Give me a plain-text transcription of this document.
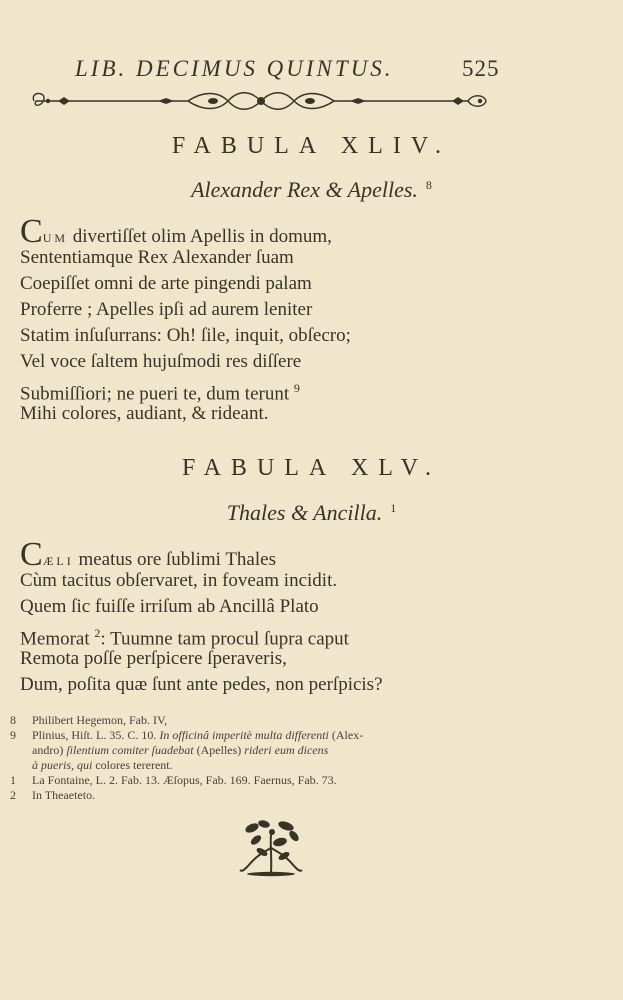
LIB. DECIMUS QUINTUS.	525
FABULA XLIV.
Alexander Rex & Apelles. $^8$
CUM divertiſſet olim Apellis in domum,
Sententiamque Rex Alexander ſuam
Coepiſſet omni de arte pingendi palam
Proferre ; Apelles ipſi ad aurem leniter
Statim inſuſurrans: Oh! ſile, inquit, obſecro;
Vel voce ſaltem hujuſmodi res diſſere
Submiſſiori; ne pueri te, dum terunt $^9$
Mihi colores, audiant, & rideant.
FABULA XLV.
Thales & Ancilla. $^1$
CÆLI meatus ore ſublimi Thales
Cùm tacitus obſervaret, in foveam incidit.
Quem ſic fuiſſe irriſum ab Ancillâ Plato
Memorat $^2$: Tuumne tam procul ſupra caput
Remota poſſe perſpicere ſperaveris,
Dum, poſita quæ ſunt ante pedes, non perſpicis?
8 Philibert Hegemon, Fab. IV,
9 Plinius, Hiſt. L. 35. C. 10. In officinâ imperitè multa differenti (Alex-
andro) ſilentium comiter ſuadebat (Apelles) rideri eum dicens
à pueris, qui colores tererent.
1 La Fontaine, L. 2. Fab. 13. Æſopus, Fab. 169. Faernus, Fab. 73.
2 In Theaeteto.
